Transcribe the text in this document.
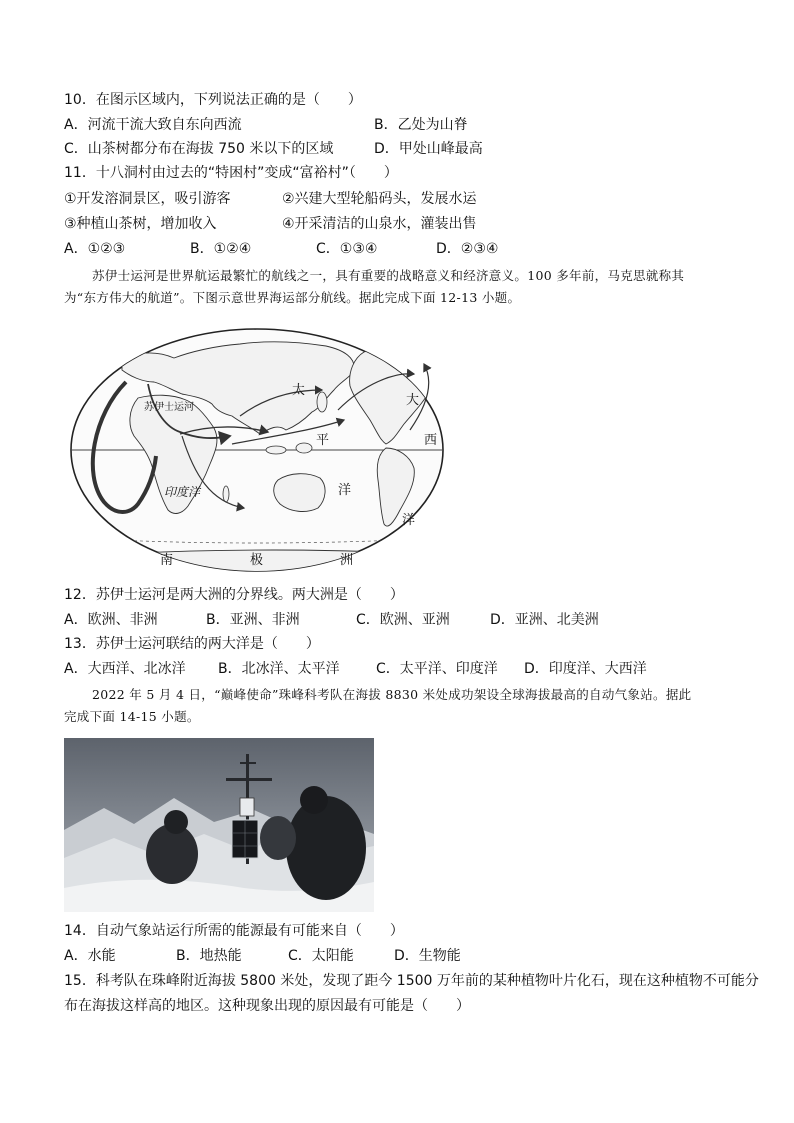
10．在图示区域内，下列说法正确的是（　　）
A．河流干流大致自东向西流	B．乙处为山脊
C．山茶树都分布在海拔 750 米以下的区域	D．甲处山峰最高
11．十八洞村由过去的“特困村”变成“富裕村”（　　）
①开发溶洞景区，吸引游客	②兴建大型轮船码头，发展水运
③种植山茶树，增加收入	④开采清洁的山泉水，灌装出售
A．①②③	B．①②④	C．①③④	D．②③④
苏伊士运河是世界航运最繁忙的航线之一，具有重要的战略意义和经济意义。100 多年前，马克思就称其
为“东方伟大的航道”。下图示意世界海运部分航线。据此完成下面 12-13 小题。
苏伊士运河
太
平
洋
大
西
洋
印度洋
南	极	洲
12．苏伊士运河是两大洲的分界线。两大洲是（　　）
A．欧洲、非洲	B．亚洲、非洲	C．欧洲、亚洲	D．亚洲、北美洲
13．苏伊士运河联结的两大洋是（　　）
A．大西洋、北冰洋 B．北冰洋、太平洋	C．太平洋、印度洋 D．印度洋、大西洋
2022 年 5 月 4 日，“巅峰使命”珠峰科考队在海拔 8830 米处成功架设全球海拔最高的自动气象站。据此
完成下面 14-15 小题。
14．自动气象站运行所需的能源最有可能来自（　　）
A．水能	B．地热能	C．太阳能	D．生物能
15．科考队在珠峰附近海拔 5800 米处，发现了距今 1500 万年前的某种植物叶片化石，现在这种植物不可能分
布在海拔这样高的地区。这种现象出现的原因最有可能是（　　）
